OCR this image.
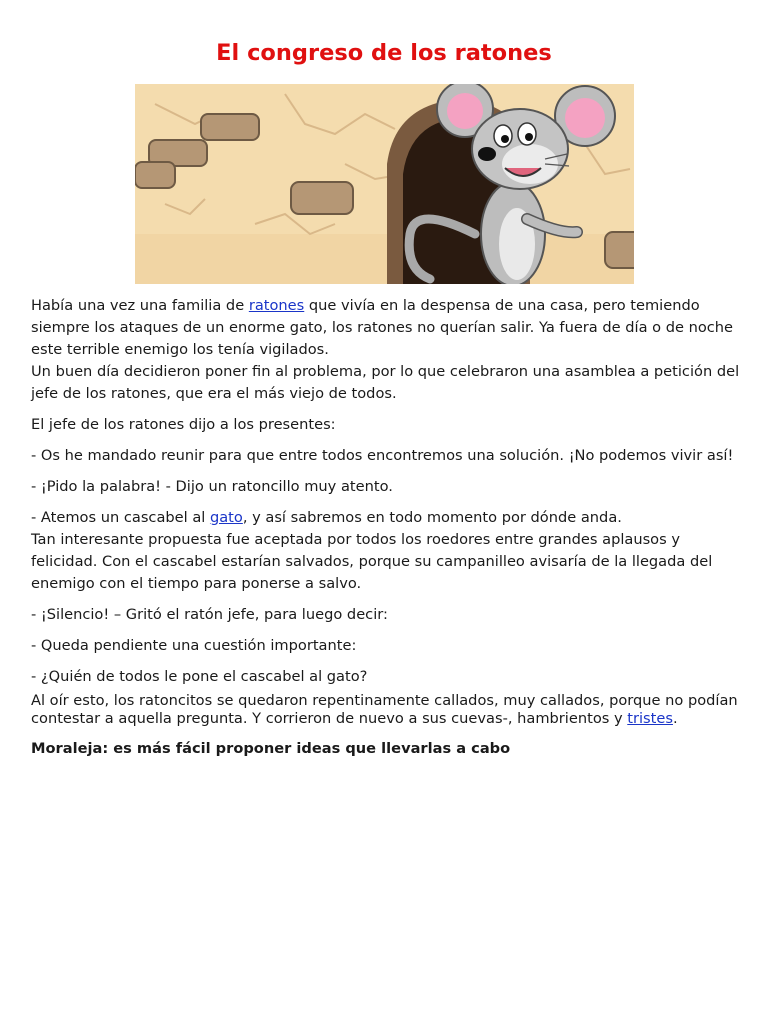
El congreso de los ratones

Había una vez una familia de ratones que vivía en la despensa de una casa, pero temiendo siempre los ataques de un enorme gato, los ratones no querían salir. Ya fuera de día o de noche este terrible enemigo los tenía vigilados.

Un buen día decidieron poner fin al problema, por lo que celebraron una asamblea a petición del jefe de los ratones, que era el más viejo de todos.

El jefe de los ratones dijo a los presentes:

- Os he mandado reunir para que entre todos encontremos una solución. ¡No podemos vivir así!

- ¡Pido la palabra! - Dijo un ratoncillo muy atento.

- Atemos un cascabel al gato, y así sabremos en todo momento por dónde anda.

Tan interesante propuesta fue aceptada por todos los roedores entre grandes aplausos y felicidad. Con el cascabel estarían salvados, porque su campanilleo avisaría de la llegada del enemigo con el tiempo para ponerse a salvo.

- ¡Silencio! – Gritó el ratón jefe, para luego decir:

- Queda pendiente una cuestión importante:

- ¿Quién de todos le pone el cascabel al gato?

Al oír esto, los ratoncitos se quedaron repentinamente callados, muy callados, porque no podían contestar a aquella pregunta. Y corrieron de nuevo a sus cuevas-, hambrientos y tristes.

Moraleja: es más fácil proponer ideas que llevarlas a cabo
